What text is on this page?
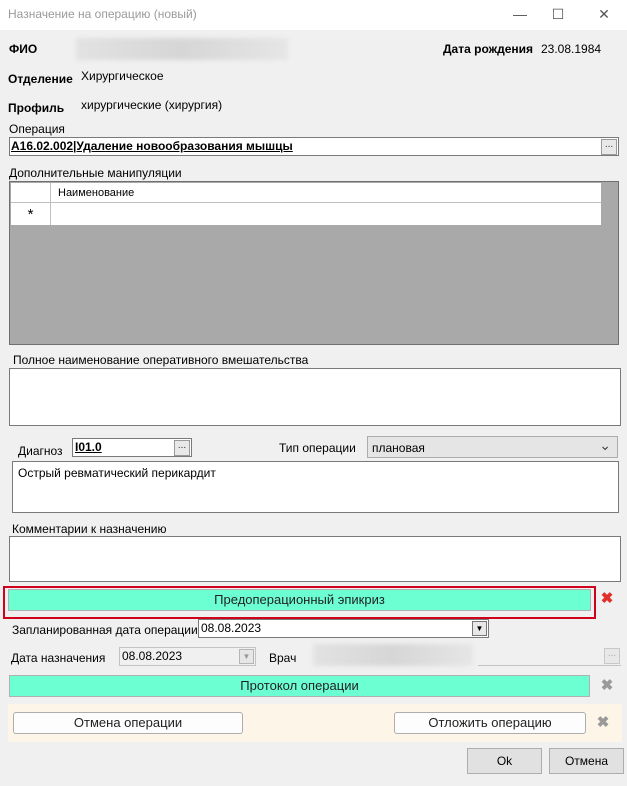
Назначение на операцию (новый)	—	☐	✕
ФИО	Дата рождения 23.08.1984
Отделение Хирургическое
Профиль хирургические (хирургия)
Операция
A16.02.002|Удаление новообразования мышцы	...
Дополнительные манипуляции
Наименование
*
Полное наименование оперативного вмешательства
Диагноз I01.0	...	Тип операции плановая	⌄
Острый ревматический перикардит
Комментарии к назначению
Предоперационный эпикриз	✖
Запланированная дата операции 08.08.2023	▼
Дата назначения 08.08.2023	▼ Врач	...
Протокол операции	✖
Отмена операции	Отложить операцию	✖
Ok	Отмена
